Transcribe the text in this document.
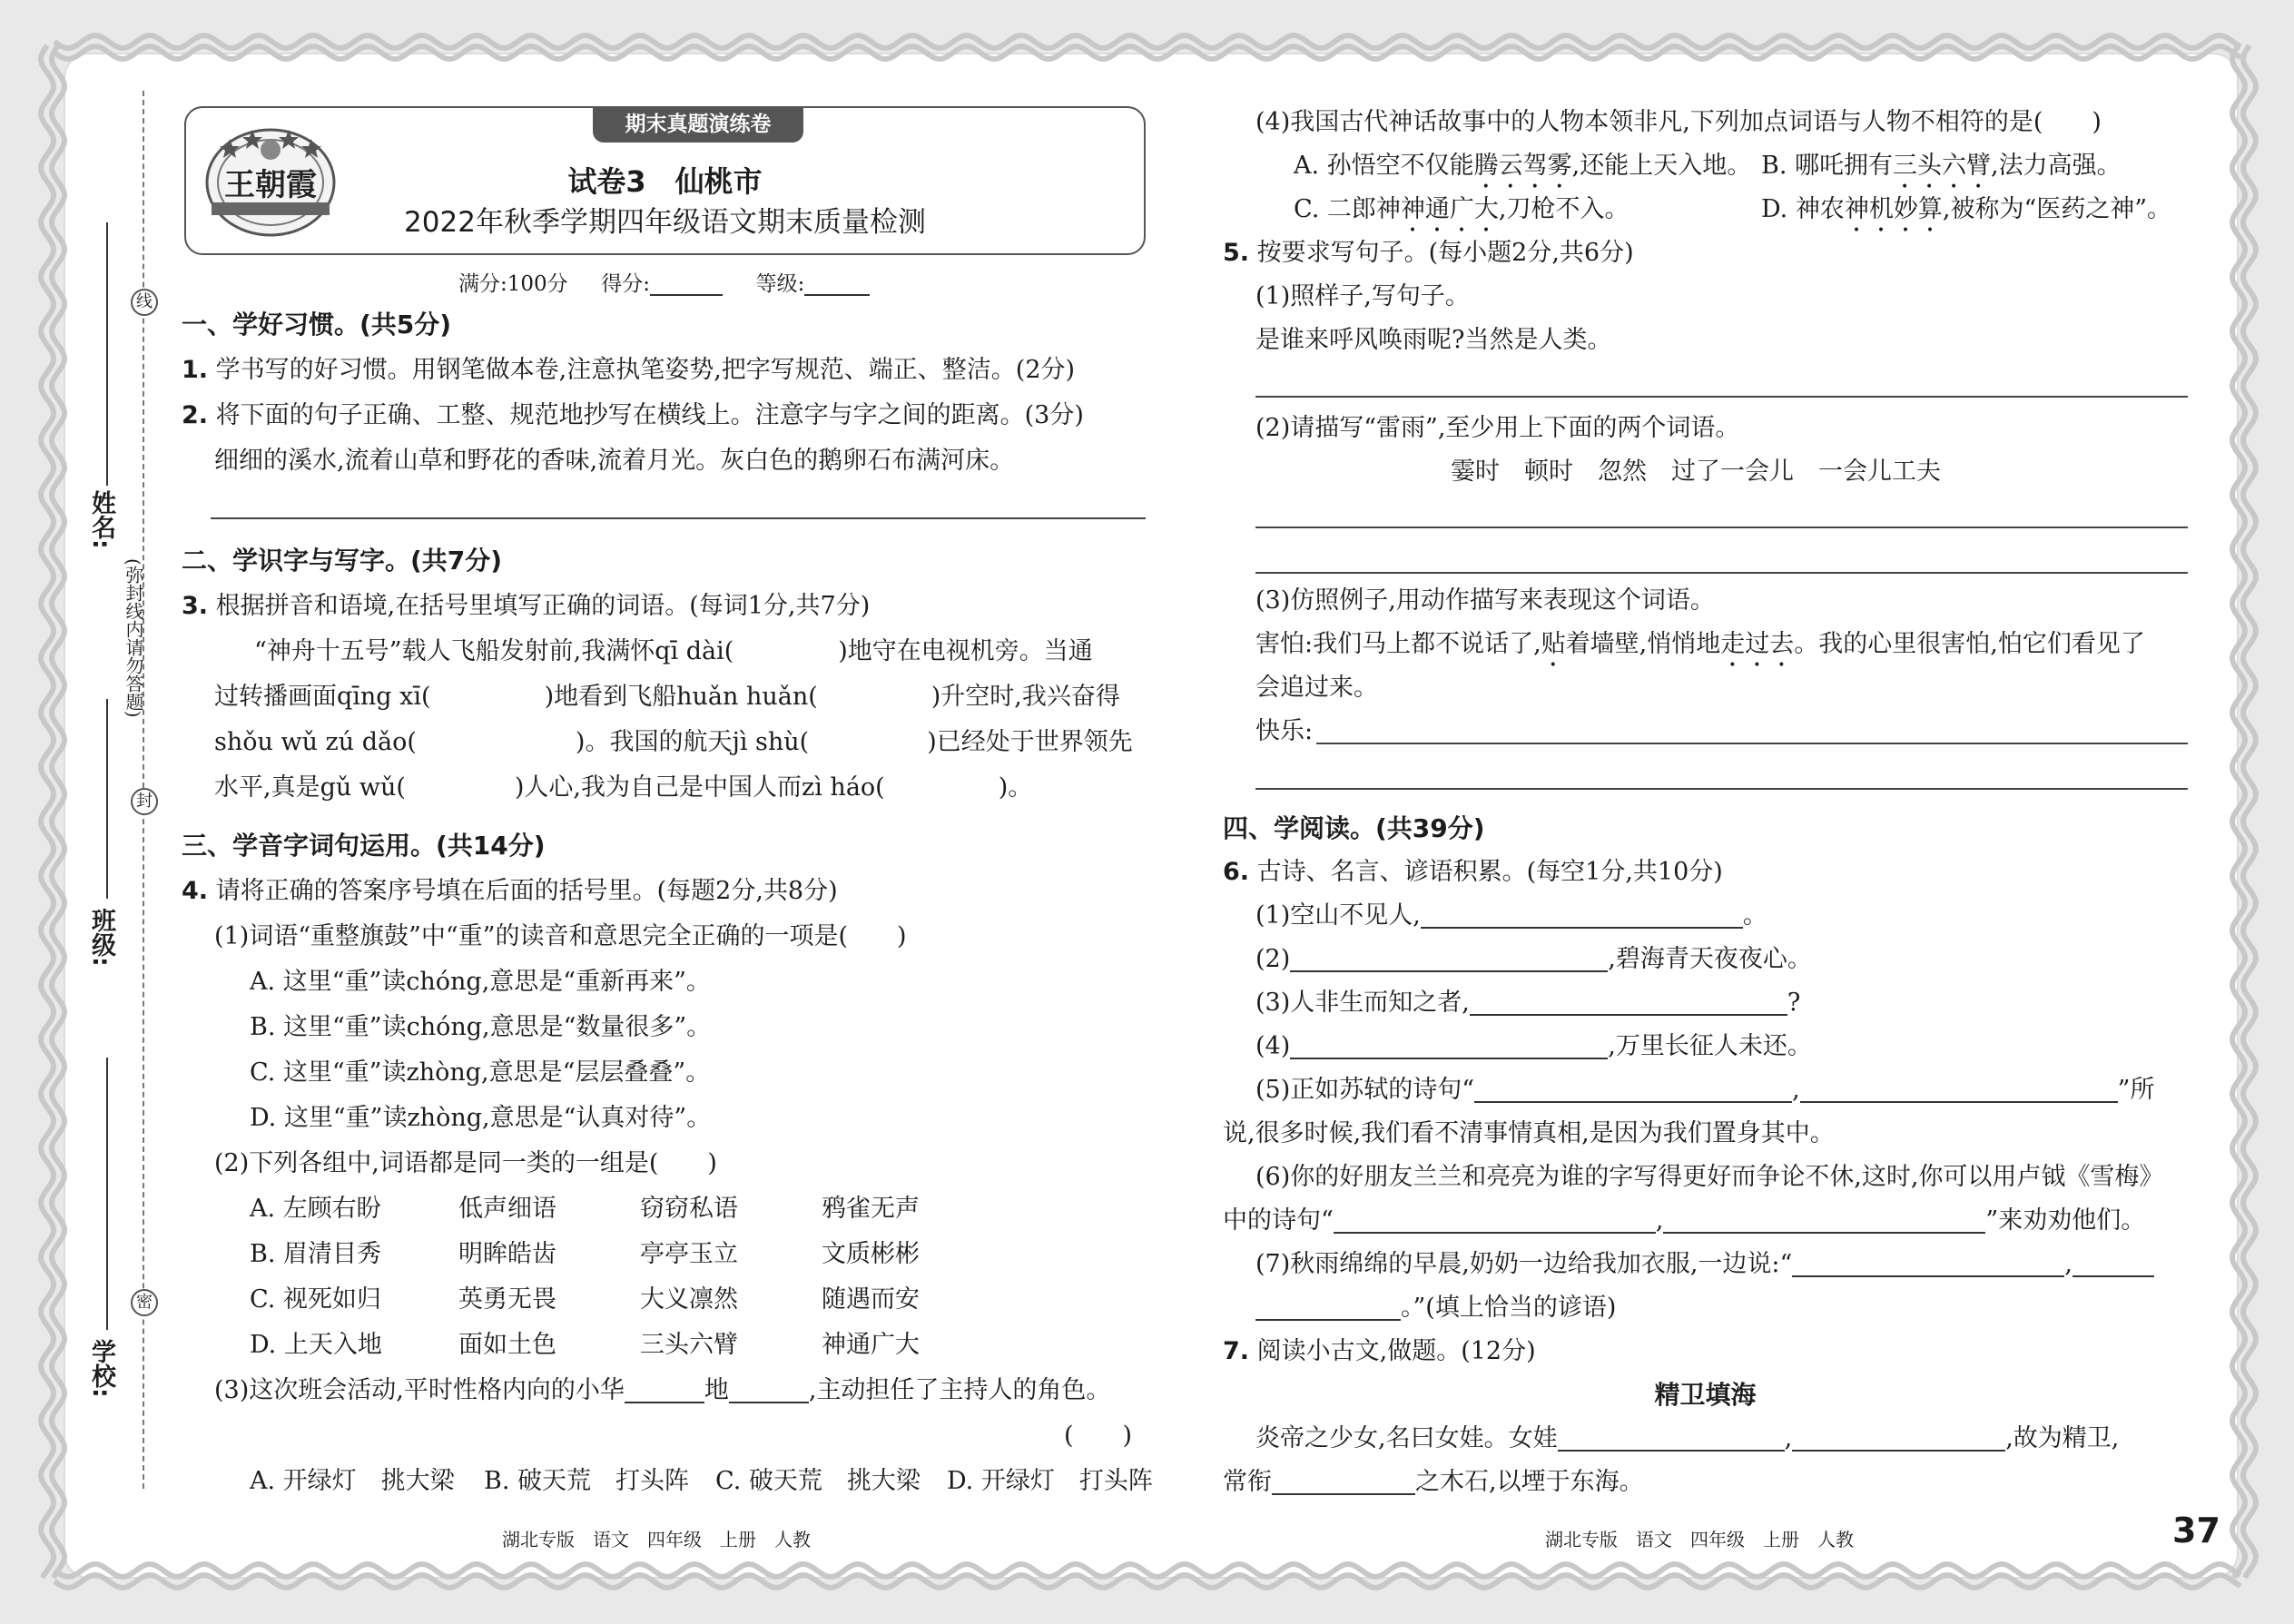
线
封
密
(弥封线内请勿答题)
姓名:
班级:
学校:
期末真题演练卷
王朝霞	试卷3　仙桃市
2022年秋季学期四年级语文期末质量检测
满分:100分 得分:	等级:
一、学好习惯。(共5分)
1. 学书写的好习惯。用钢笔做本卷,注意执笔姿势,把字写规范、端正、整洁。(2分)
2. 将下面的句子正确、工整、规范地抄写在横线上。注意字与字之间的距离。(3分)
细细的溪水,流着山草和野花的香味,流着月光。灰白色的鹅卵石布满河床。
二、学识字与写字。(共7分)
3. 根据拼音和语境,在括号里填写正确的词语。(每词1分,共7分)
“神舟十五号”载人飞船发射前,我满怀qī dài(	)地守在电视机旁。当通
过转播画面qīng xī(	)地看到飞船huǎn huǎn(	)升空时,我兴奋得
shǒu wǔ zú dǎo(	)。我国的航天jì shù(	)已经处于世界领先
水平,真是gǔ wǔ(	)人心,我为自己是中国人而zì háo(	)。
三、学音字词句运用。(共14分)
4. 请将正确的答案序号填在后面的括号里。(每题2分,共8分)
(1)词语“重整旗鼓”中“重”的读音和意思完全正确的一项是(　　)
A. 这里“重”读chóng,意思是“重新再来”。
B. 这里“重”读chóng,意思是“数量很多”。
C. 这里“重”读zhòng,意思是“层层叠叠”。
D. 这里“重”读zhòng,意思是“认真对待”。
(2)下列各组中,词语都是同一类的一组是(　　)
A. 左顾右盼	低声细语	窃窃私语	鸦雀无声
B. 眉清目秀	明眸皓齿	亭亭玉立	文质彬彬
C. 视死如归	英勇无畏	大义凛然	随遇而安
D. 上天入地	面如土色	三头六臂	神通广大
(3)这次班会活动,平时性格内向的小华	地	,主动担任了主持人的角色。
(　　)
A. 开绿灯　挑大梁 B. 破天荒　打头阵 C. 破天荒　挑大梁 D. 开绿灯　打头阵
湖北专版　语文　四年级　上册　人教
(4)我国古代神话故事中的人物本领非凡,下列加点词语与人物不相符的是(　　)
A. 孙悟空不仅能腾云驾雾,还能上天入地。 B. 哪吒拥有三头六臂,法力高强。
C. 二郎神神通广大,刀枪不入。	D. 神农神机妙算,被称为“医药之神”。
5. 按要求写句子。(每小题2分,共6分)
(1)照样子,写句子。
是谁来呼风唤雨呢?当然是人类。
(2)请描写“雷雨”,至少用上下面的两个词语。
霎时　顿时　忽然　过了一会儿　一会儿工夫
(3)仿照例子,用动作描写来表现这个词语。
害怕:我们马上都不说话了,贴着墙壁,悄悄地走过去。我的心里很害怕,怕它们看见了
会追过来。
快乐:
四、学阅读。(共39分)
6. 古诗、名言、谚语积累。(每空1分,共10分)
(1)空山不见人,	。
(2)	,碧海青天夜夜心。
(3)人非生而知之者,	?
(4)	,万里长征人未还。
(5)正如苏轼的诗句“	,	”所
说,很多时候,我们看不清事情真相,是因为我们置身其中。
(6)你的好朋友兰兰和亮亮为谁的字写得更好而争论不休,这时,你可以用卢钺《雪梅》
中的诗句“	,	”来劝劝他们。
(7)秋雨绵绵的早晨,奶奶一边给我加衣服,一边说:“	,
。”(填上恰当的谚语)
7. 阅读小古文,做题。(12分)
精卫填海
炎帝之少女,名曰女娃。女娃	,	,故为精卫,
常衔	之木石,以堙于东海。
湖北专版　语文　四年级　上册　人教	37
